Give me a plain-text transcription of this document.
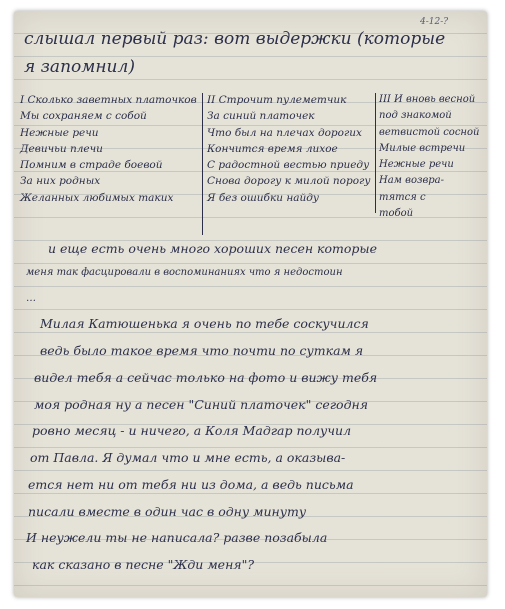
4-12-?
слышал первый раз: вот выдержки (которые
я запомнил)
I Сколько заветных платочков
Мы сохраняем с собой
Нежные речи
Девичьи плечи
Помним в страде боевой
За них родных
Желанных любимых таких
II Строчит пулеметчик
За синий платочек
Что был на плечах дорогих
Кончится время лихое
С радостной вестью приеду
Снова дорогу к милой порогу
Я без ошибки найду
III И вновь весной
под знакомой
ветвистой сосной
Милые встречи
Нежные речи
Нам возвра-
тятся с
тобой
и еще есть очень много хороших песен которые
меня так фасцировали в воспоминаниях что я недостоин
…
Милая Катюшенька я очень по тебе соскучился
ведь было такое время что почти по суткам я
видел тебя а сейчас только на фото и вижу тебя
моя родная ну а песен "Синий платочек" сегодня
ровно месяц - и ничего, а Коля Мадгар получил
от Павла. Я думал что и мне есть, а оказыва-
ется нет ни от тебя ни из дома, а ведь письма
писали вместе в один час в одну минуту
И неужели ты не написала? разве позабыла
как сказано в песне "Жди меня"?
